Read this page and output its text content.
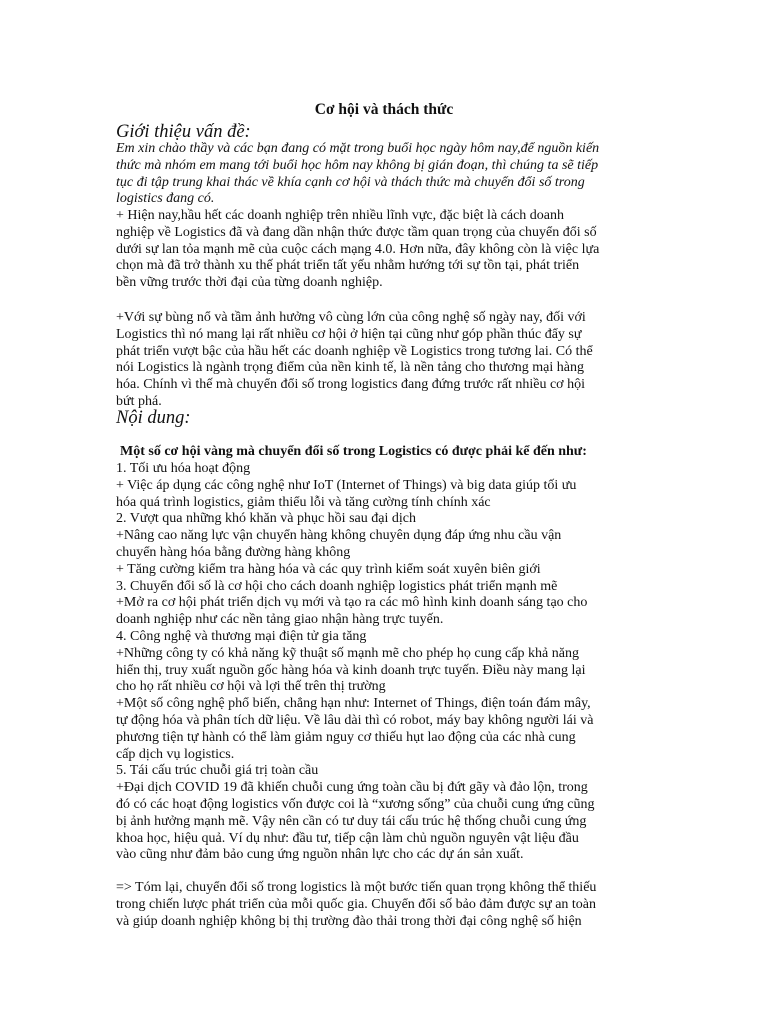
Cơ hội và thách thức
Giới thiệu vấn đề:
Em xin chào thầy và các bạn đang có mặt trong buổi học ngày hôm nay,để nguồn kiến
thức mà nhóm em mang tới buổi học hôm nay không bị gián đoạn, thì chúng ta sẽ tiếp
tục đi tập trung khai thác về khía cạnh cơ hội và thách thức mà chuyển đổi số trong
logistics đang có.
+ Hiện nay,hầu hết các doanh nghiệp trên nhiều lĩnh vực, đặc biệt là cách doanh
nghiệp về Logistics đã và đang dần nhận thức được tầm quan trọng của chuyển đổi số
dưới sự lan tỏa mạnh mẽ của cuộc cách mạng 4.0. Hơn nữa, đây không còn là việc lựa
chọn mà đã trở thành xu thế phát triển tất yếu nhằm hướng tới sự tồn tại, phát triển
bền vững trước thời đại của từng doanh nghiệp.
+Với sự bùng nổ và tầm ảnh hưởng vô cùng lớn của công nghệ số ngày nay, đối với
Logistics thì nó mang lại rất nhiều cơ hội ở hiện tại cũng như góp phần thúc đẩy sự
phát triển vượt bậc của hầu hết các doanh nghiệp về Logistics trong tương lai. Có thể
nói Logistics là ngành trọng điểm của nền kinh tế, là nền tảng cho thương mại hàng
hóa. Chính vì thế mà chuyển đổi số trong logistics đang đứng trước rất nhiều cơ hội
bứt phá.
Nội dung:
Một số cơ hội vàng mà chuyển đổi số trong Logistics có được phải kể đến như:
1. Tối ưu hóa hoạt động
+ Việc áp dụng các công nghệ như IoT (Internet of Things) và big data giúp tối ưu
hóa quá trình logistics, giảm thiểu lỗi và tăng cường tính chính xác
2. Vượt qua những khó khăn và phục hồi sau đại dịch
+Nâng cao năng lực vận chuyển hàng không chuyên dụng đáp ứng nhu cầu vận
chuyển hàng hóa bằng đường hàng không
+ Tăng cường kiểm tra hàng hóa và các quy trình kiểm soát xuyên biên giới
3. Chuyển đổi số là cơ hội cho cách doanh nghiệp logistics phát triển mạnh mẽ
+Mở ra cơ hội phát triển dịch vụ mới và tạo ra các mô hình kinh doanh sáng tạo cho
doanh nghiệp như các nền tảng giao nhận hàng trực tuyến.
4. Công nghệ và thương mại điện tử gia tăng
+Những công ty có khả năng kỹ thuật số mạnh mẽ cho phép họ cung cấp khả năng
hiển thị, truy xuất nguồn gốc hàng hóa và kinh doanh trực tuyến. Điều này mang lại
cho họ rất nhiều cơ hội và lợi thế trên thị trường
+Một số công nghệ phổ biến, chẳng hạn như: Internet of Things, điện toán đám mây,
tự động hóa và phân tích dữ liệu. Về lâu dài thì có robot, máy bay không người lái và
phương tiện tự hành có thể làm giảm nguy cơ thiếu hụt lao động của các nhà cung
cấp dịch vụ logistics.
5. Tái cấu trúc chuỗi giá trị toàn cầu
+Đại dịch COVID 19 đã khiến chuỗi cung ứng toàn cầu bị đứt gãy và đảo lộn, trong
đó có các hoạt động logistics vốn được coi là “xương sống” của chuỗi cung ứng cũng
bị ảnh hưởng mạnh mẽ. Vậy nên cần có tư duy tái cấu trúc hệ thống chuỗi cung ứng
khoa học, hiệu quả. Ví dụ như: đầu tư, tiếp cận làm chủ nguồn nguyên vật liệu đầu
vào cũng như đảm bảo cung ứng nguồn nhân lực cho các dự án sản xuất.
=> Tóm lại, chuyển đổi số trong logistics là một bước tiến quan trọng không thể thiếu
trong chiến lược phát triển của mỗi quốc gia. Chuyển đổi số bảo đảm được sự an toàn
và giúp doanh nghiệp không bị thị trường đào thải trong thời đại công nghệ số hiện
